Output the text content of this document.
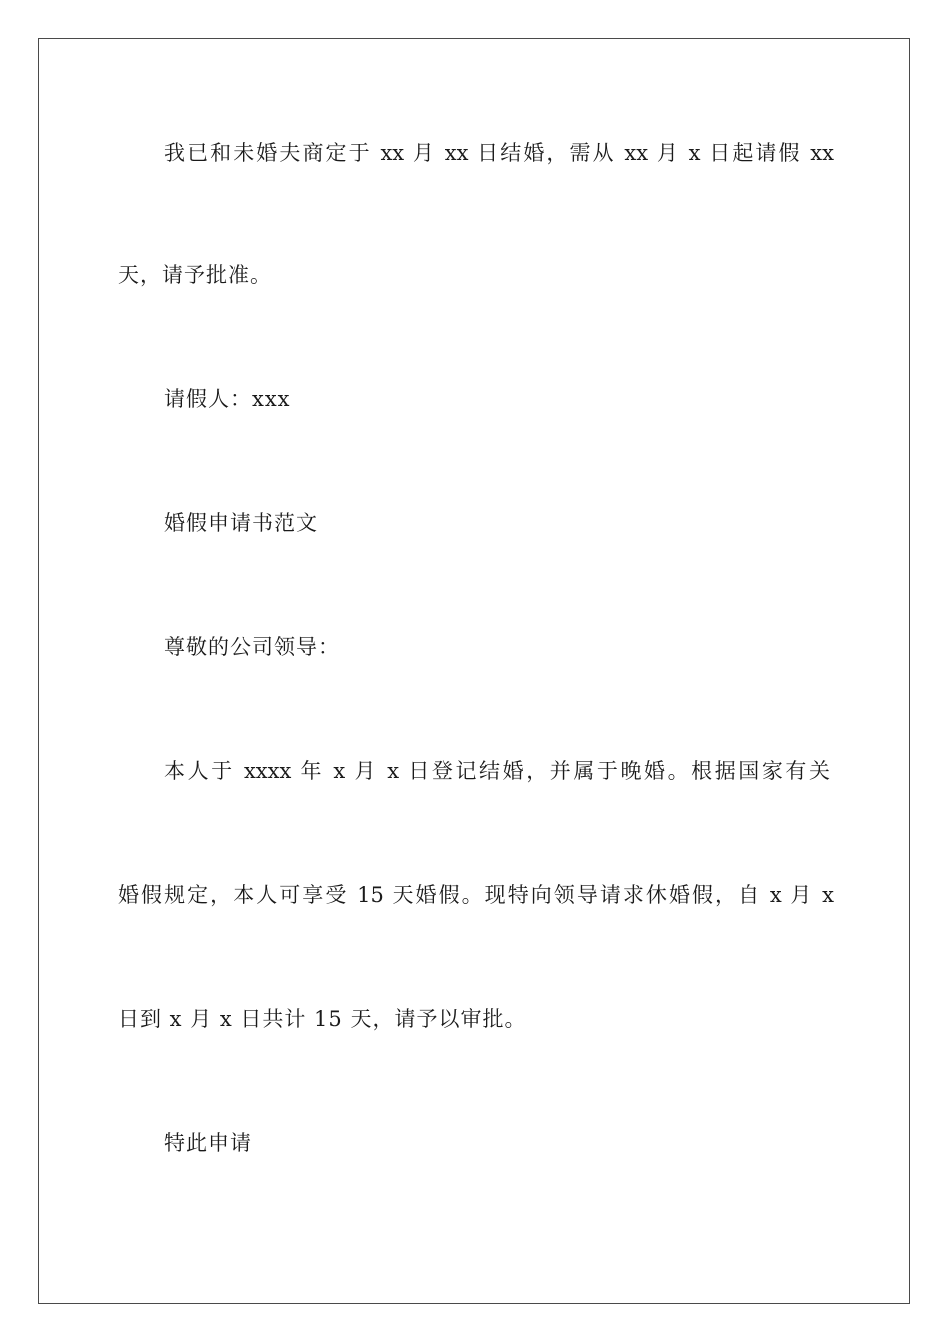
我已和未婚夫商定于 xx 月 xx 日结婚，需从 xx 月 x 日起请假 xx

天，请予批准。

请假人：xxx

婚假申请书范文

尊敬的公司领导：

本人于 xxxx 年 x 月 x 日登记结婚，并属于晚婚。根据国家有关

婚假规定，本人可享受 15 天婚假。现特向领导请求休婚假，自 x 月 x

日到 x 月 x 日共计 15 天，请予以审批。

特此申请
